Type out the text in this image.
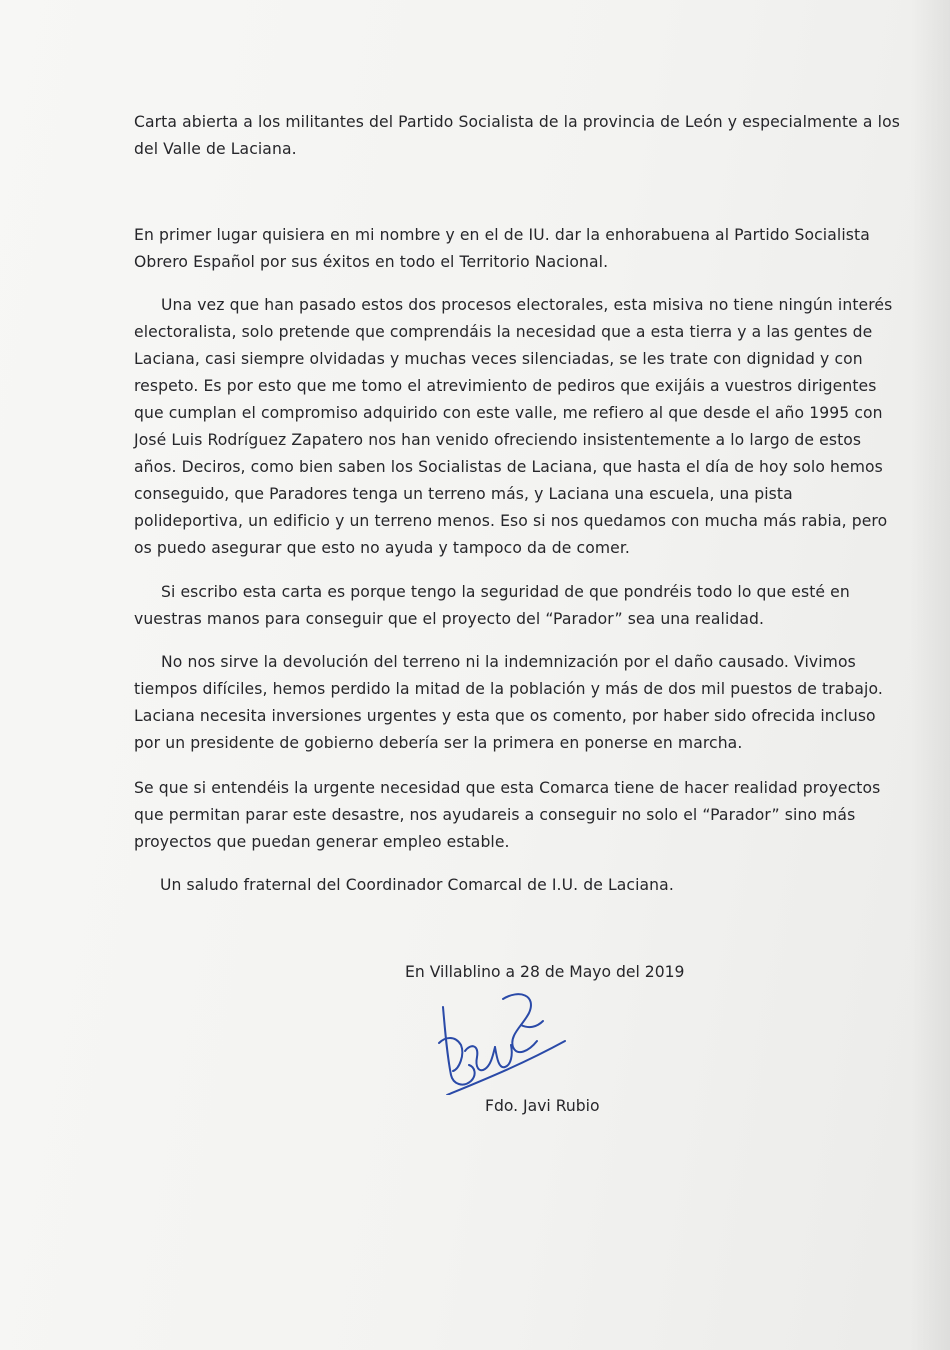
Carta abierta a los militantes del Partido Socialista de la provincia de León y especialmente a los del Valle de Laciana.

En primer lugar quisiera en mi nombre y en el de IU. dar la enhorabuena al Partido Socialista Obrero Español por sus éxitos en todo el Territorio Nacional.

Una vez que han pasado estos dos procesos electorales, esta misiva no tiene ningún interés electoralista, solo pretende que comprendáis la necesidad que a esta tierra y a las gentes de Laciana, casi siempre olvidadas y muchas veces silenciadas, se les trate con dignidad y con respeto. Es por esto que me tomo el atrevimiento de pediros que exijáis a vuestros dirigentes que cumplan el compromiso adquirido con este valle, me refiero al que desde el año 1995 con José Luis Rodríguez Zapatero nos han venido ofreciendo insistentemente a lo largo de estos años. Deciros, como bien saben los Socialistas de Laciana, que hasta el día de hoy solo hemos conseguido, que Paradores tenga un terreno más, y Laciana una escuela, una pista polideportiva, un edificio y un terreno menos. Eso si nos quedamos con mucha más rabia, pero os puedo asegurar que esto no ayuda y tampoco da de comer.

Si escribo esta carta es porque tengo la seguridad de que pondréis todo lo que esté en vuestras manos para conseguir que el proyecto del “Parador” sea una realidad.

No nos sirve la devolución del terreno ni la indemnización por el daño causado. Vivimos tiempos difíciles, hemos perdido la mitad de la población y más de dos mil puestos de trabajo. Laciana necesita inversiones urgentes y esta que os comento, por haber sido ofrecida incluso por un presidente de gobierno debería ser la primera en ponerse en marcha.

Se que si entendéis la urgente necesidad que esta Comarca tiene de hacer realidad proyectos que permitan parar este desastre, nos ayudareis a conseguir no solo el “Parador” sino más proyectos que puedan generar empleo estable.

Un saludo fraternal del Coordinador Comarcal de I.U. de Laciana.

En Villablino a 28 de Mayo del 2019

Fdo. Javi Rubio
